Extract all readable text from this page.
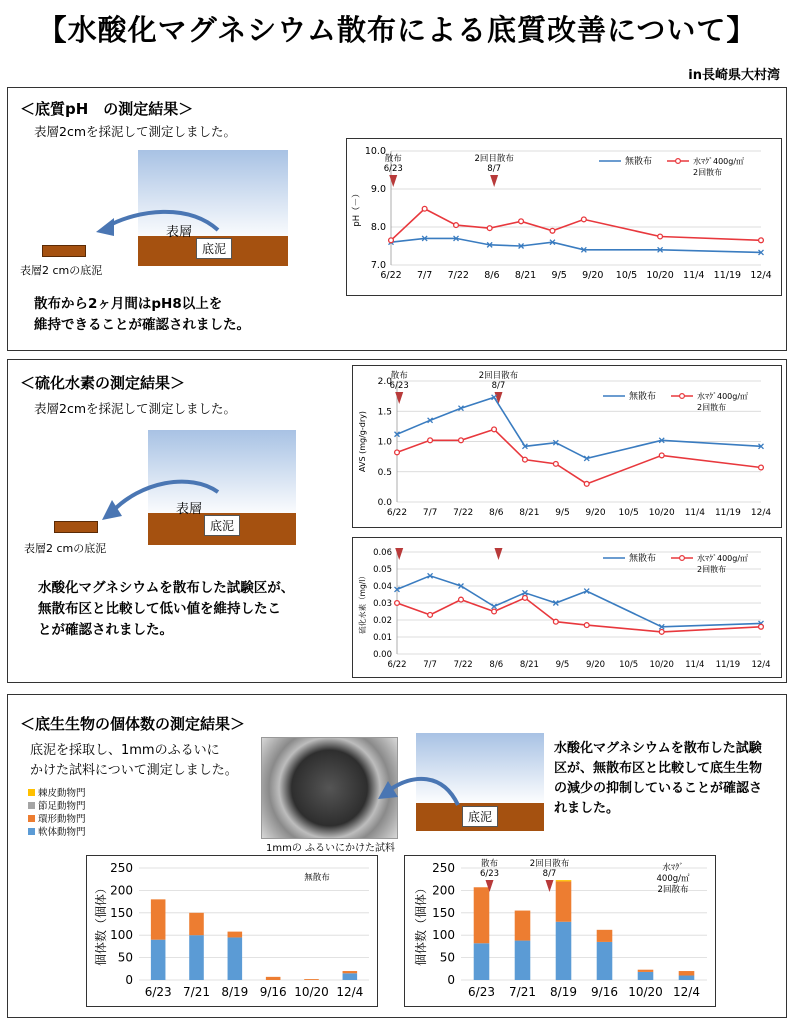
【水酸化マグネシウム散布による底質改善について】
in長崎県大村湾
＜底質pH　の測定結果＞
表層2cmを採泥して測定しました。
表層
底泥
表層2 cmの底泥
散布から2ヶ月間はpH8以上を
維持できることが確認されました。
7.0
8.0
9.0
10.0
6/22 7/7 7/22 8/6 8/21 9/5 9/20 10/5 10/20 11/4 11/19 12/4
pH（－）
散布
6/23
2回目散布
8/7
無散布	水ﾏｸﾞ400g/㎡
2回散布
＜硫化水素の測定結果＞
表層2cmを採泥して測定しました。
表層
底泥
表層2 cmの底泥
水酸化マグネシウムを散布した試験区が、
無散布区と比較して低い値を維持したこ
とが確認されました。
0.0
0.5
1.0
1.5
2.0
6/22 7/7 7/22 8/6 8/21 9/5 9/20 10/5 10/20 11/4 11/19 12/4
AVS (mg/g-dry)
散布
6/23
2回目散布
8/7
無散布	水ﾏｸﾞ400g/㎡
2回散布
0.00
0.01
0.02
0.03
0.04
0.05
0.06
6/22 7/7 7/22 8/6 8/21 9/5 9/20 10/5 10/20 11/4 11/19 12/4
硫化水素（mg/l）
無散布	水ﾏｸﾞ400g/㎡
2回散布
＜底生生物の個体数の測定結果＞
底泥を採取し、1mmのふるいに
かけた試料について測定しました。
棘皮動物門
節足動物門
環形動物門
軟体動物門
1mmの ふるいにかけた試料
底泥
水酸化マグネシウムを散布した試験
区が、無散布区と比較して底生生物
の減少の抑制していることが確認さ
れました。
0
50
100
150
200
250
個体数（個体）
6/23 7/21 8/19 9/16 10/20 12/4
無散布
0
50
100
150
200
250
個体数（個体）
6/23 7/21 8/19 9/16 10/20 12/4
水ﾏｸﾞ
400g/㎡
2回散布
散布
6/23
2回目散布
8/7
